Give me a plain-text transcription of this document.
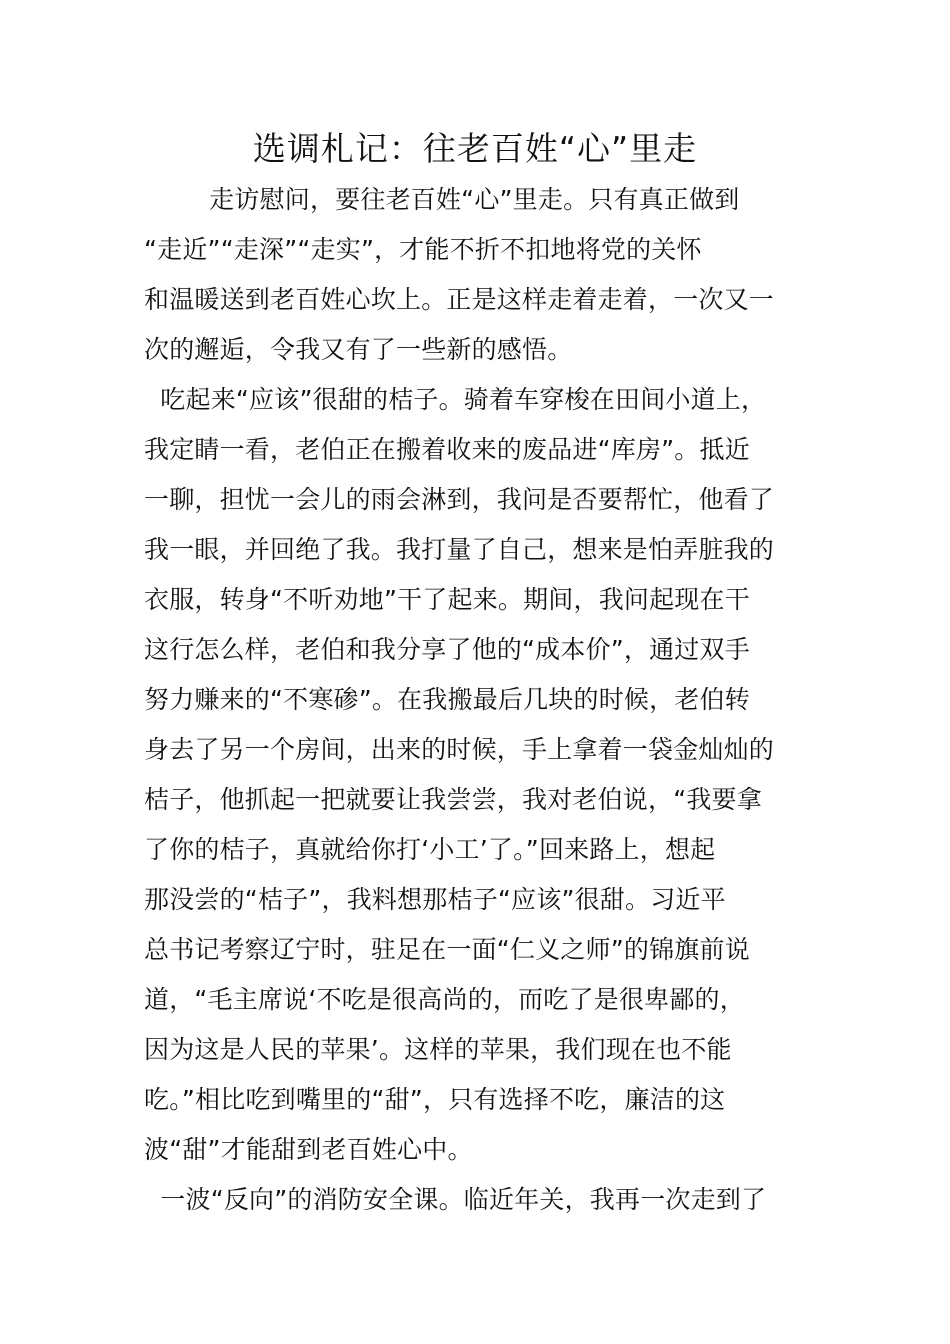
选调札记：往老百姓“心”里走
走访慰问，要往老百姓“心”里走。只有真正做到
“走近”“走深”“走实”，才能不折不扣地将党的关怀
和温暖送到老百姓心坎上。正是这样走着走着，一次又一
次的邂逅，令我又有了一些新的感悟。
吃起来“应该”很甜的桔子。骑着车穿梭在田间小道上，
我定睛一看，老伯正在搬着收来的废品进“库房”。抵近
一聊，担忧一会儿的雨会淋到，我问是否要帮忙，他看了
我一眼，并回绝了我。我打量了自己，想来是怕弄脏我的
衣服，转身“不听劝地”干了起来。期间，我问起现在干
这行怎么样，老伯和我分享了他的“成本价”，通过双手
努力赚来的“不寒碜”。在我搬最后几块的时候，老伯转
身去了另一个房间，出来的时候，手上拿着一袋金灿灿的
桔子，他抓起一把就要让我尝尝，我对老伯说，“我要拿
了你的桔子，真就给你打‘小工’了。”回来路上，想起
那没尝的“桔子”，我料想那桔子“应该”很甜。习近平
总书记考察辽宁时，驻足在一面“仁义之师”的锦旗前说
道，“毛主席说‘不吃是很高尚的，而吃了是很卑鄙的，
因为这是人民的苹果’。这样的苹果，我们现在也不能
吃。”相比吃到嘴里的“甜”，只有选择不吃，廉洁的这
波“甜”才能甜到老百姓心中。
一波“反向”的消防安全课。临近年关，我再一次走到了
